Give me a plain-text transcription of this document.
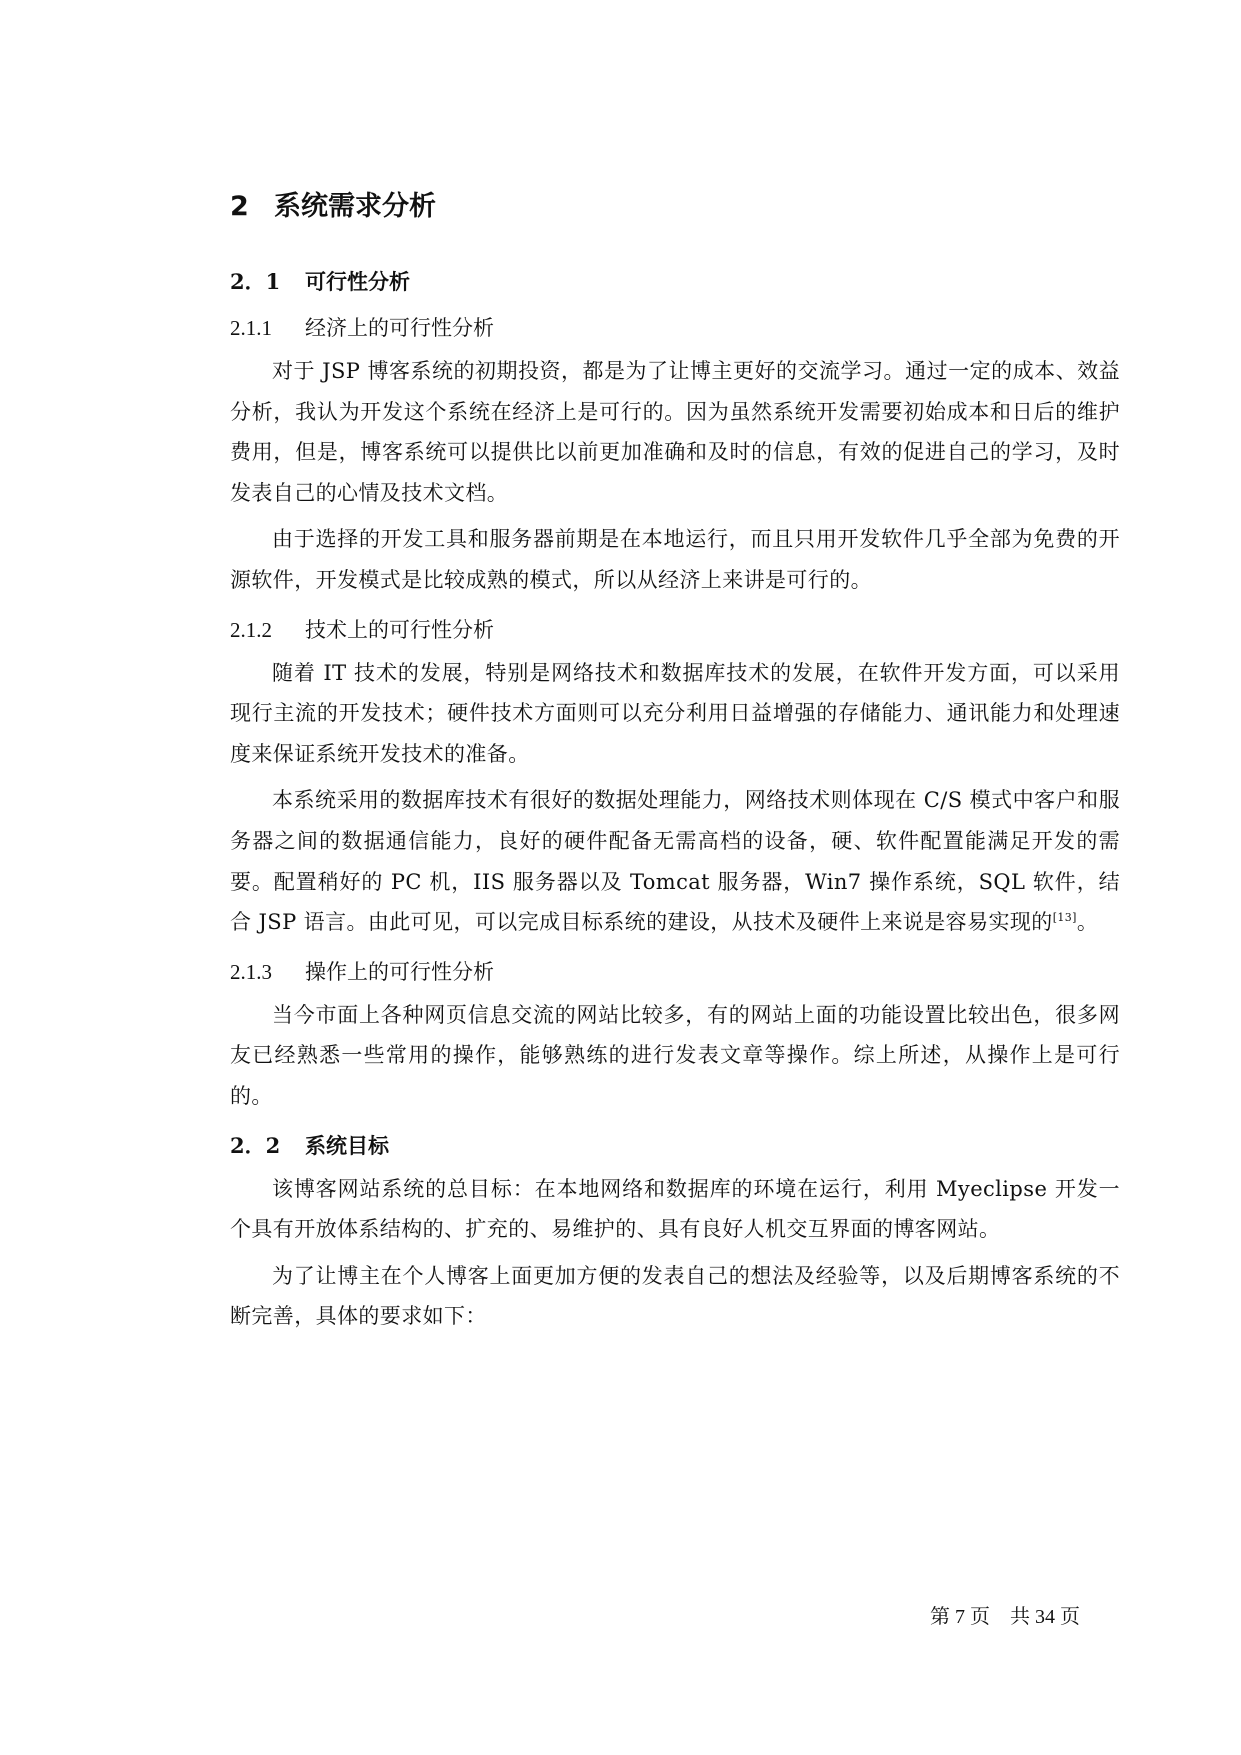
2 系统需求分析
2．1 可行性分析
2.1.1 经济上的可行性分析

对于 JSP 博客系统的初期投资，都是为了让博主更好的交流学习。通过一定的成本、效益分析，我认为开发这个系统在经济上是可行的。因为虽然系统开发需要初始成本和日后的维护费用，但是，博客系统可以提供比以前更加准确和及时的信息，有效的促进自己的学习，及时发表自己的心情及技术文档。

由于选择的开发工具和服务器前期是在本地运行，而且只用开发软件几乎全部为免费的开源软件，开发模式是比较成熟的模式，所以从经济上来讲是可行的。

2.1.2 技术上的可行性分析

随着 IT 技术的发展，特别是网络技术和数据库技术的发展，在软件开发方面，可以采用现行主流的开发技术；硬件技术方面则可以充分利用日益增强的存储能力、通讯能力和处理速度来保证系统开发技术的准备。

本系统采用的数据库技术有很好的数据处理能力，网络技术则体现在 C/S 模式中客户和服务器之间的数据通信能力，良好的硬件配备无需高档的设备，硬、软件配置能满足开发的需要。配置稍好的 PC 机，IIS 服务器以及 Tomcat 服务器，Win7 操作系统，SQL 软件，结合 JSP 语言。由此可见，可以完成目标系统的建设，从技术及硬件上来说是容易实现的[13]。

2.1.3 操作上的可行性分析

当今市面上各种网页信息交流的网站比较多，有的网站上面的功能设置比较出色，很多网友已经熟悉一些常用的操作，能够熟练的进行发表文章等操作。综上所述，从操作上是可行的。

2．2 系统目标

该博客网站系统的总目标：在本地网络和数据库的环境在运行，利用 Myeclipse 开发一个具有开放体系结构的、扩充的、易维护的、具有良好人机交互界面的博客网站。

为了让博主在个人博客上面更加方便的发表自己的想法及经验等，以及后期博客系统的不断完善，具体的要求如下：

第 7 页　共 34 页
